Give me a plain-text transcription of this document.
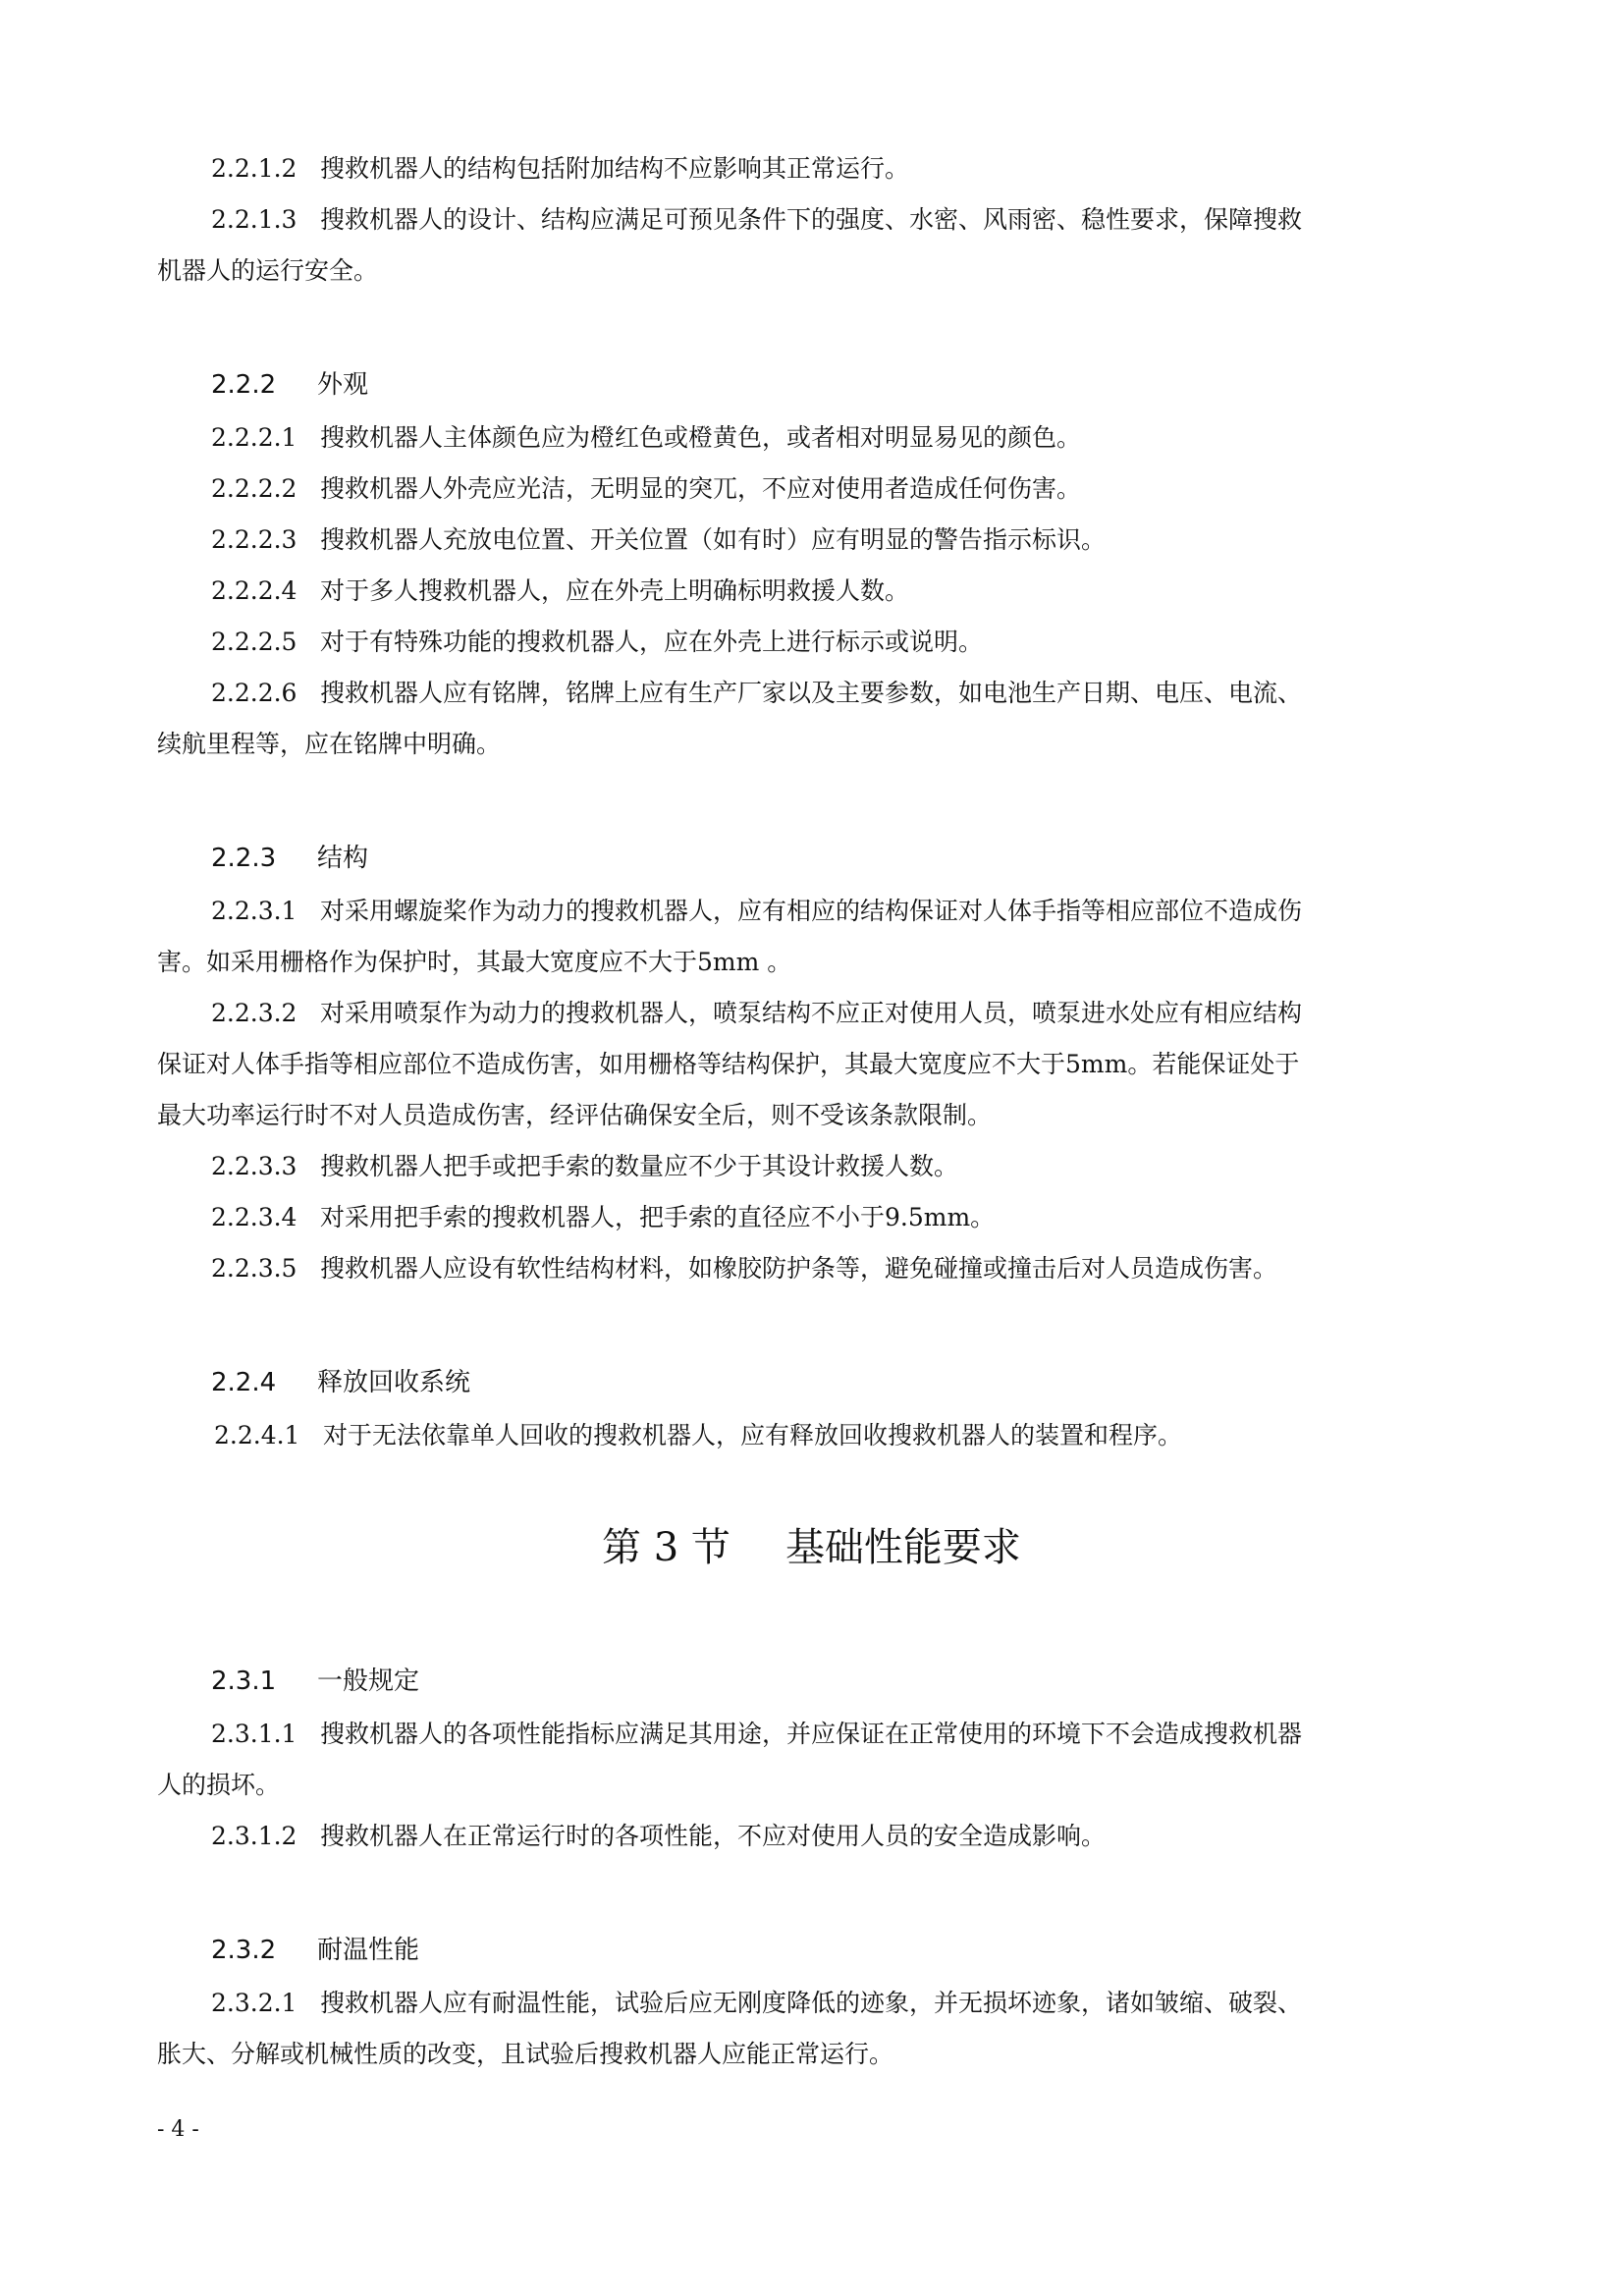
2.2.1.2 搜救机器人的结构包括附加结构不应影响其正常运行。

2.2.1.3 搜救机器人的设计、结构应满足可预见条件下的强度、水密、风雨密、稳性要求，保障搜救

机器人的运行安全。

2.2.2 外观

2.2.2.1 搜救机器人主体颜色应为橙红色或橙黄色，或者相对明显易见的颜色。

2.2.2.2 搜救机器人外壳应光洁，无明显的突兀，不应对使用者造成任何伤害。

2.2.2.3 搜救机器人充放电位置、开关位置（如有时）应有明显的警告指示标识。

2.2.2.4 对于多人搜救机器人，应在外壳上明确标明救援人数。

2.2.2.5 对于有特殊功能的搜救机器人，应在外壳上进行标示或说明。

2.2.2.6 搜救机器人应有铭牌，铭牌上应有生产厂家以及主要参数，如电池生产日期、电压、电流、

续航里程等，应在铭牌中明确。

2.2.3 结构

2.2.3.1 对采用螺旋桨作为动力的搜救机器人，应有相应的结构保证对人体手指等相应部位不造成伤

害。如采用栅格作为保护时，其最大宽度应不大于5mm 。

2.2.3.2 对采用喷泵作为动力的搜救机器人，喷泵结构不应正对使用人员，喷泵进水处应有相应结构

保证对人体手指等相应部位不造成伤害，如用栅格等结构保护，其最大宽度应不大于5mm。若能保证处于

最大功率运行时不对人员造成伤害，经评估确保安全后，则不受该条款限制。

2.2.3.3 搜救机器人把手或把手索的数量应不少于其设计救援人数。

2.2.3.4 对采用把手索的搜救机器人，把手索的直径应不小于9.5mm。

2.2.3.5 搜救机器人应设有软性结构材料，如橡胶防护条等，避免碰撞或撞击后对人员造成伤害。

2.2.4 释放回收系统

2.2.4.1 对于无法依靠单人回收的搜救机器人，应有释放回收搜救机器人的装置和程序。

第 3 节 基础性能要求

2.3.1 一般规定

2.3.1.1 搜救机器人的各项性能指标应满足其用途，并应保证在正常使用的环境下不会造成搜救机器

人的损坏。

2.3.1.2 搜救机器人在正常运行时的各项性能，不应对使用人员的安全造成影响。

2.3.2 耐温性能

2.3.2.1 搜救机器人应有耐温性能，试验后应无刚度降低的迹象，并无损坏迹象，诸如皱缩、破裂、

胀大、分解或机械性质的改变，且试验后搜救机器人应能正常运行。

- 4 -
